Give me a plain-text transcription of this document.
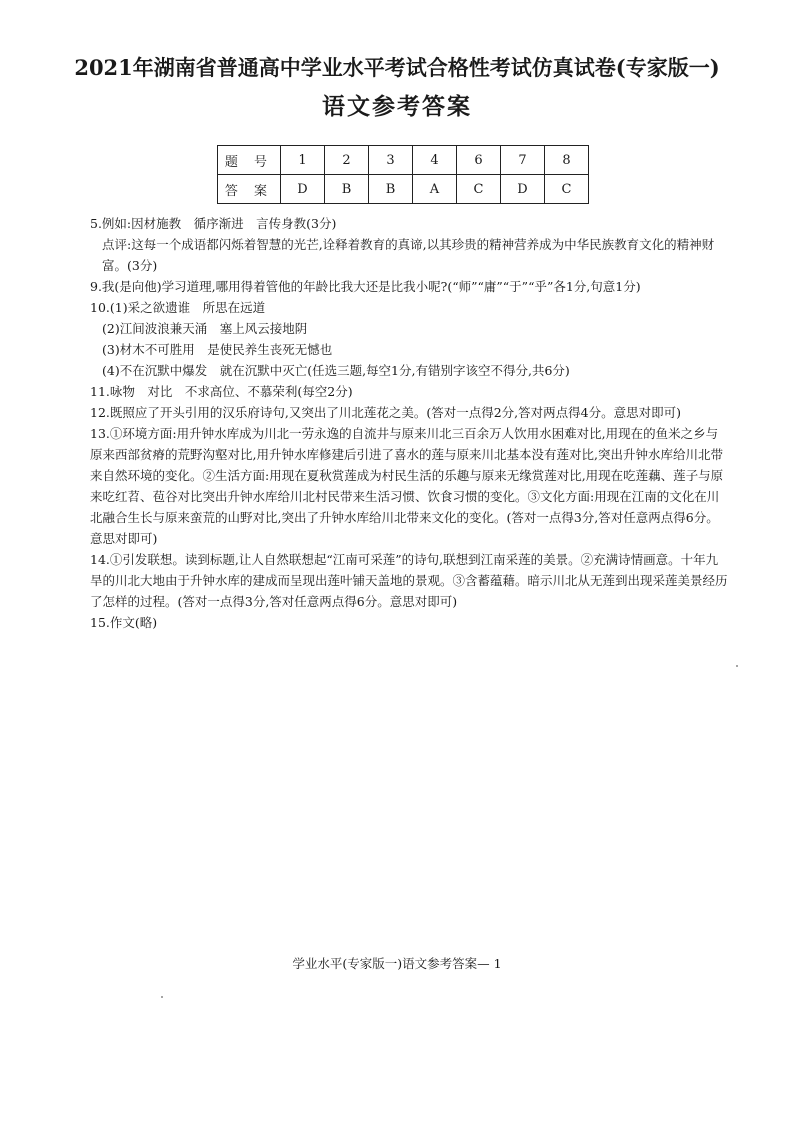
2021年湖南省普通高中学业水平考试合格性考试仿真试卷(专家版一)
语文参考答案
题 号	1	2	3	4	6	7	8
答 案	D	B	B	A	C	D	C
5.例如:因材施教　循序渐进　言传身教(3分)
点评:这每一个成语都闪烁着智慧的光芒,诠释着教育的真谛,以其珍贵的精神营养成为中华民族教育文化的精神财富。(3分)
9.我(是向他)学习道理,哪用得着管他的年龄比我大还是比我小呢?(“师”“庸”“于”“乎”各1分,句意1分)
10.(1)采之欲遗谁　所思在远道
(2)江间波浪兼天涌　塞上风云接地阴
(3)材木不可胜用　是使民养生丧死无憾也
(4)不在沉默中爆发　就在沉默中灭亡(任选三题,每空1分,有错别字该空不得分,共6分)
11.咏物　对比　不求高位、不慕荣利(每空2分)
12.既照应了开头引用的汉乐府诗句,又突出了川北莲花之美。(答对一点得2分,答对两点得4分。意思对即可)
13.①环境方面:用升钟水库成为川北一劳永逸的自流井与原来川北三百余万人饮用水困难对比,用现在的鱼米之乡与原来西部贫瘠的荒野沟壑对比,用升钟水库修建后引进了喜水的莲与原来川北基本没有莲对比,突出升钟水库给川北带来自然环境的变化。②生活方面:用现在夏秋赏莲成为村民生活的乐趣与原来无缘赏莲对比,用现在吃莲藕、莲子与原来吃红苕、苞谷对比突出升钟水库给川北村民带来生活习惯、饮食习惯的变化。③文化方面:用现在江南的文化在川北融合生长与原来蛮荒的山野对比,突出了升钟水库给川北带来文化的变化。(答对一点得3分,答对任意两点得6分。意思对即可)
14.①引发联想。读到标题,让人自然联想起“江南可采莲”的诗句,联想到江南采莲的美景。②充满诗情画意。十年九旱的川北大地由于升钟水库的建成而呈现出莲叶铺天盖地的景观。③含蓄蕴藉。暗示川北从无莲到出现采莲美景经历了怎样的过程。(答对一点得3分,答对任意两点得6分。意思对即可)
15.作文(略)
学业水平(专家版一)语文参考答案— 1
